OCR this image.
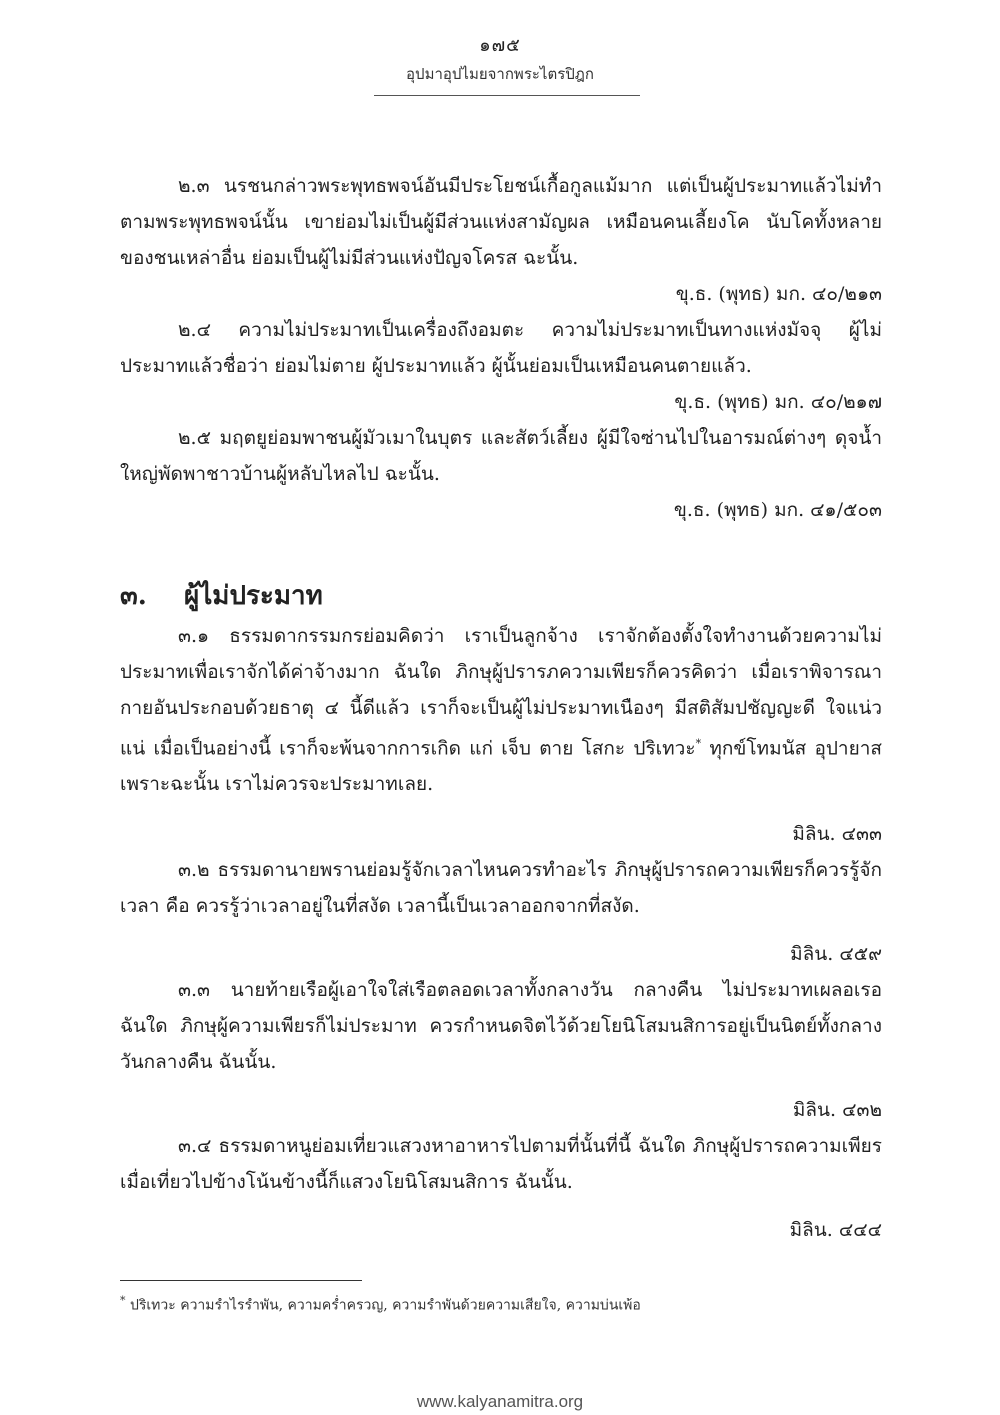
๑๗๕
อุปมาอุปไมยจากพระไตรปิฎก

๒.๓ นรชนกล่าวพระพุทธพจน์อันมีประโยชน์เกื้อกูลแม้มาก แต่เป็นผู้ประมาทแล้วไม่ทำตามพระพุทธพจน์นั้น เขาย่อมไม่เป็นผู้มีส่วนแห่งสามัญผล เหมือนคนเลี้ยงโค นับโคทั้งหลายของชนเหล่าอื่น ย่อมเป็นผู้ไม่มีส่วนแห่งปัญจโครส ฉะนั้น.

ขุ.ธ. (พุทธ) มก. ๔๐/๒๑๓

๒.๔ ความไม่ประมาทเป็นเครื่องถึงอมตะ ความไม่ประมาทเป็นทางแห่งมัจจุ ผู้ไม่ประมาทแล้วชื่อว่า ย่อมไม่ตาย ผู้ประมาทแล้ว ผู้นั้นย่อมเป็นเหมือนคนตายแล้ว.

ขุ.ธ. (พุทธ) มก. ๔๐/๒๑๗

๒.๕ มฤตยูย่อมพาชนผู้มัวเมาในบุตร และสัตว์เลี้ยง ผู้มีใจซ่านไปในอารมณ์ต่างๆ ดุจน้ำใหญ่พัดพาชาวบ้านผู้หลับไหลไป ฉะนั้น.

ขุ.ธ. (พุทธ) มก. ๔๑/๕๐๓

๓. ผู้ไม่ประมาท

๓.๑ ธรรมดากรรมกรย่อมคิดว่า เราเป็นลูกจ้าง เราจักต้องตั้งใจทำงานด้วยความไม่ประมาทเพื่อเราจักได้ค่าจ้างมาก ฉันใด ภิกษุผู้ปรารภความเพียรก็ควรคิดว่า เมื่อเราพิจารณากายอันประกอบด้วยธาตุ ๔ นี้ดีแล้ว เราก็จะเป็นผู้ไม่ประมาทเนืองๆ มีสติสัมปชัญญะดี ใจแน่วแน่ เมื่อเป็นอย่างนี้ เราก็จะพ้นจากการเกิด แก่ เจ็บ ตาย โสกะ ปริเทวะ* ทุกข์โทมนัส อุปายาส เพราะฉะนั้น เราไม่ควรจะประมาทเลย.

มิลิน. ๔๓๓

๓.๒ ธรรมดานายพรานย่อมรู้จักเวลาไหนควรทำอะไร ภิกษุผู้ปรารถความเพียรก็ควรรู้จักเวลา คือ ควรรู้ว่าเวลาอยู่ในที่สงัด เวลานี้เป็นเวลาออกจากที่สงัด.

มิลิน. ๔๕๙

๓.๓ นายท้ายเรือผู้เอาใจใส่เรือตลอดเวลาทั้งกลางวัน กลางคืน ไม่ประมาทเผลอเรอ ฉันใด ภิกษุผู้ความเพียรก็ไม่ประมาท ควรกำหนดจิตไว้ด้วยโยนิโสมนสิการอยู่เป็นนิตย์ทั้งกลางวันกลางคืน ฉันนั้น.

มิลิน. ๔๓๒

๓.๔ ธรรมดาหนูย่อมเที่ยวแสวงหาอาหารไปตามที่นั้นที่นี้ ฉันใด ภิกษุผู้ปรารถความเพียร เมื่อเที่ยวไปข้างโน้นข้างนี้ก็แสวงโยนิโสมนสิการ ฉันนั้น.

มิลิน. ๔๔๔

* ปริเทวะ ความรำไรรำพัน, ความคร่ำครวญ, ความรำพันด้วยความเสียใจ, ความบ่นเพ้อ
www.kalyanamitra.org
